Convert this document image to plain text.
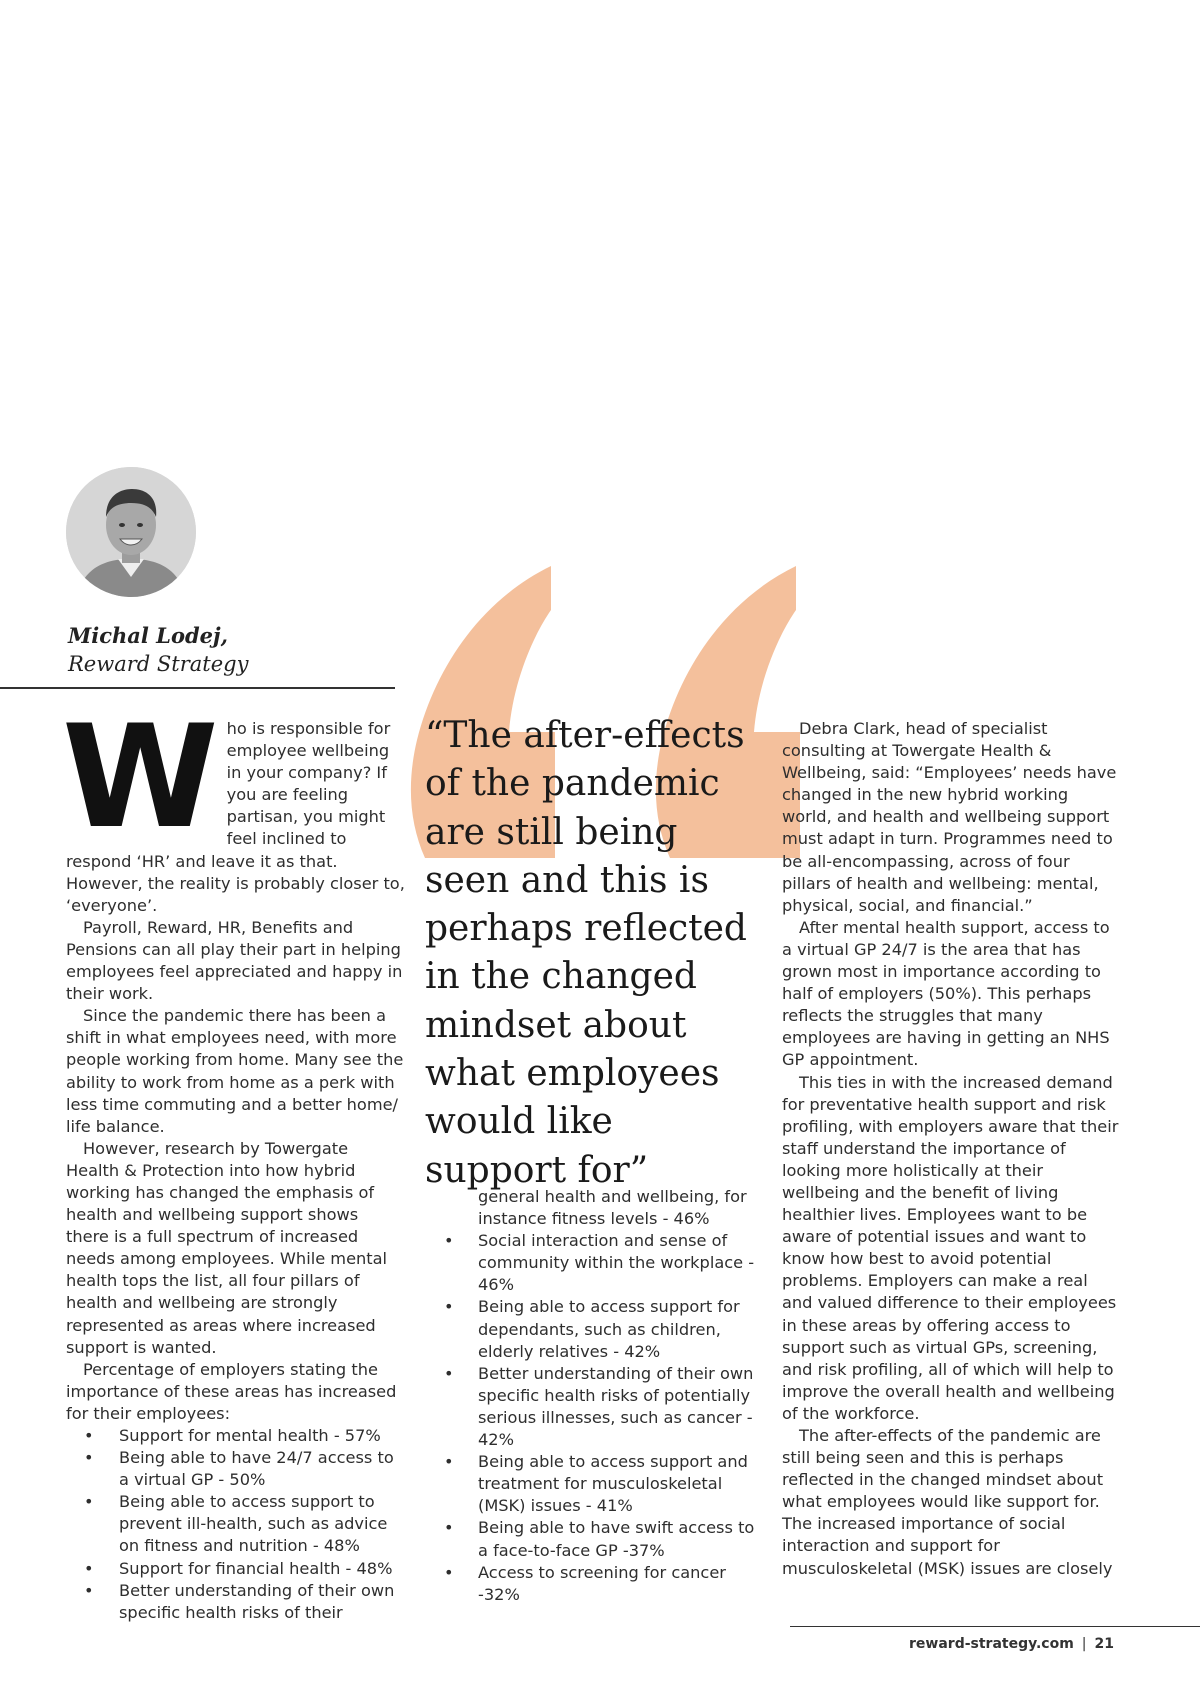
Michal Lodej,
Reward Strategy
“The after-effects of the pandemic are still being seen and this is perhaps reflected in the changed mindset about what employees would like support for”
W ho is responsible for employee wellbeing in your company? If you are feeling partisan, you might feel inclined to respond ‘HR’ and leave it as that. However, the reality is probably closer to, ‘everyone’.

Payroll, Reward, HR, Benefits and Pensions can all play their part in helping employees feel appreciated and happy in their work.

Since the pandemic there has been a shift in what employees need, with more people working from home. Many see the ability to work from home as a perk with less time commuting and a better home/ life balance.

However, research by Towergate Health & Protection into how hybrid working has changed the emphasis of health and wellbeing support shows there is a full spectrum of increased needs among employees. While mental health tops the list, all four pillars of health and wellbeing are strongly represented as areas where increased support is wanted.

Percentage of employers stating the importance of these areas has increased for their employees:

• Support for mental health - 57%
• Being able to have 24/7 access to a virtual GP - 50%
• Being able to access support to prevent ill-health, such as advice on fitness and nutrition - 48%
• Support for financial health - 48%
• Better understanding of their own specific health risks of their
general health and wellbeing, for instance fitness levels - 46%
• Social interaction and sense of community within the workplace - 46%
• Being able to access support for dependants, such as children, elderly relatives - 42%
• Better understanding of their own specific health risks of potentially serious illnesses, such as cancer - 42%
• Being able to access support and treatment for musculoskeletal (MSK) issues - 41%
• Being able to have swift access to a face-to-face GP -37%
• Access to screening for cancer -32%

Debra Clark, head of specialist consulting at Towergate Health & Wellbeing, said: “Employees’ needs have changed in the new hybrid working world, and health and wellbeing support must adapt in turn. Programmes need to be all-encompassing, across of four pillars of health and wellbeing: mental, physical, social, and financial.”

After mental health support, access to a virtual GP 24/7 is the area that has grown most in importance according to half of employers (50%). This perhaps reflects the struggles that many employees are having in getting an NHS GP appointment.

This ties in with the increased demand for preventative health support and risk profiling, with employers aware that their staff understand the importance of looking more holistically at their wellbeing and the benefit of living healthier lives. Employees want to be aware of potential issues and want to know how best to avoid potential problems. Employers can make a real and valued difference to their employees in these areas by offering access to support such as virtual GPs, screening, and risk profiling, all of which will help to improve the overall health and wellbeing of the workforce.

The after-effects of the pandemic are still being seen and this is perhaps reflected in the changed mindset about what employees would like support for. The increased importance of social interaction and support for musculoskeletal (MSK) issues are closely

reward-strategy.com | 21
